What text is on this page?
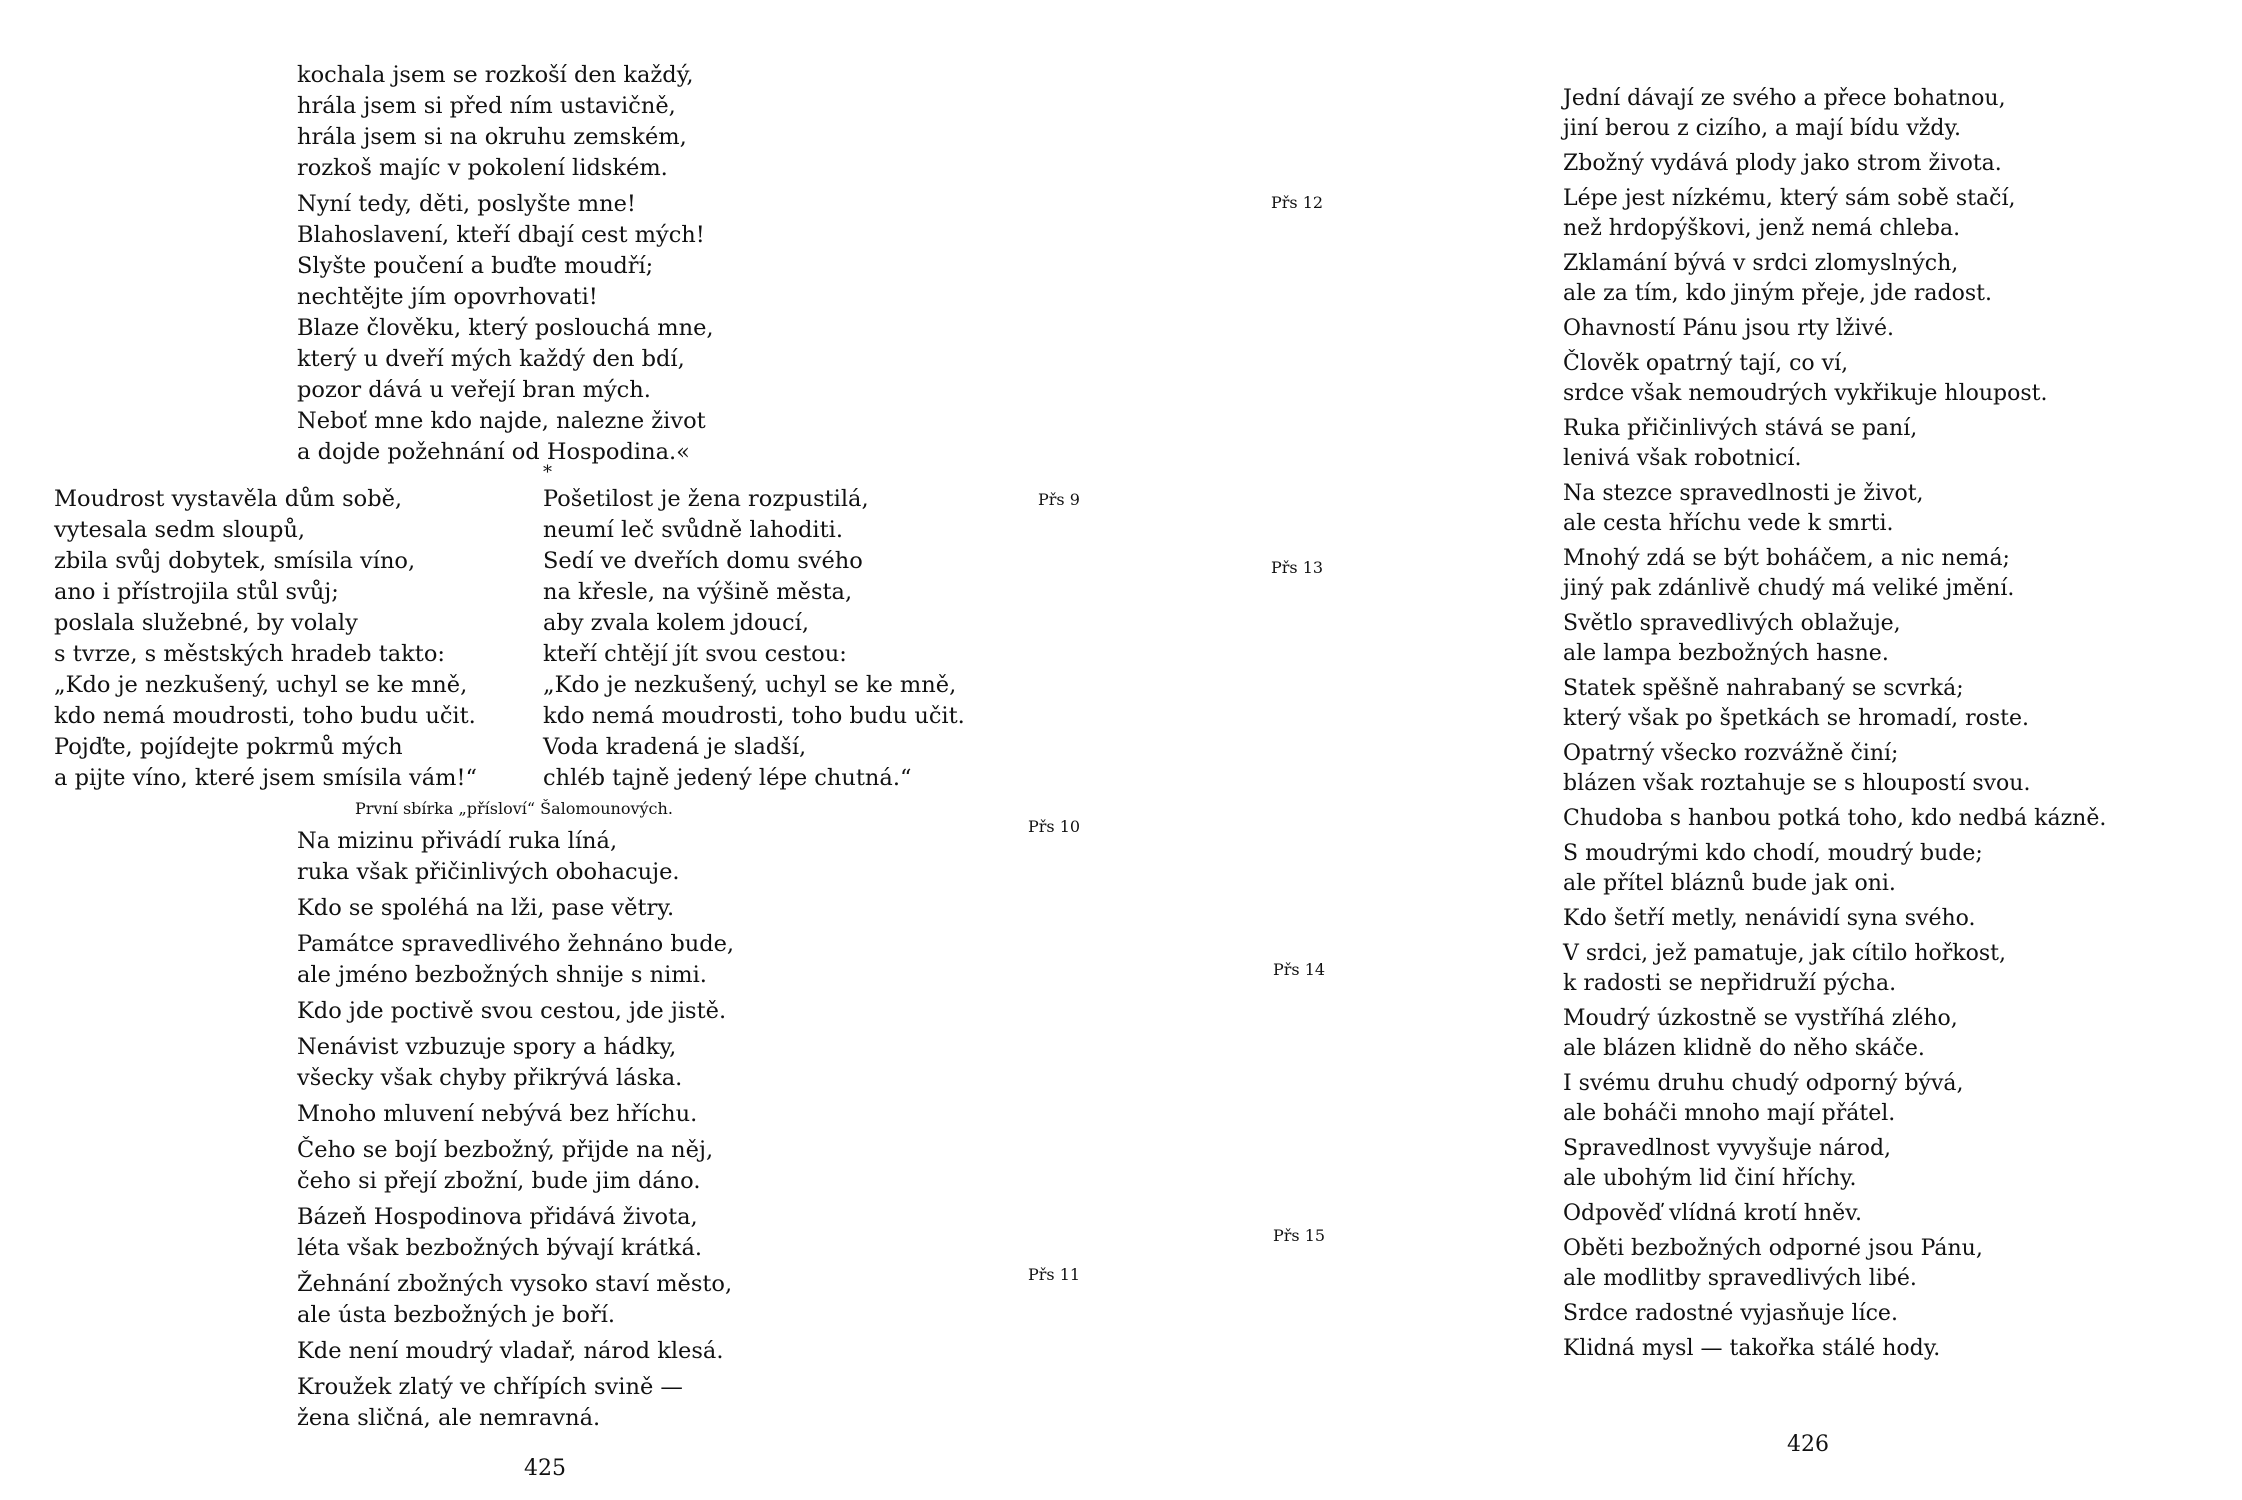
kochala jsem se rozkoší den každý,
hrála jsem si před ním ustavičně,
hrála jsem si na okruhu zemském,
rozkoš majíc v pokolení lidském.

Nyní tedy, děti, poslyšte mne!
Blahoslavení, kteří dbají cest mých!
Slyšte poučení a buďte moudří;
nechtějte jím opovrhovati!
Blaze člověku, který poslouchá mne,
který u dveří mých každý den bdí,
pozor dává u veřejí bran mých.
Neboť mne kdo najde, nalezne život
a dojde požehnání od Hospodina.«

*
Moudrost vystavěla dům sobě,
vytesala sedm sloupů,
zbila svůj dobytek, smísila víno,
ano i přístrojila stůl svůj;
poslala služebné, by volaly
s tvrze, s městských hradeb takto:
„Kdo je nezkušený, uchyl se ke mně,
kdo nemá moudrosti, toho budu učit.
Pojďte, pojídejte pokrmů mých
a pijte víno, které jsem smísila vám!“
Pošetilost je žena rozpustilá,
neumí leč svůdně lahoditi.
Sedí ve dveřích domu svého
na křesle, na výšině města,
aby zvala kolem jdoucí,
kteří chtějí jít svou cestou:
„Kdo je nezkušený, uchyl se ke mně,
kdo nemá moudrosti, toho budu učit.
Voda kradená je sladší,
chléb tajně jedený lépe chutná.“
První sbírka „přísloví“ Šalomounových.

Na mizinu přivádí ruka líná,
ruka však přičinlivých obohacuje.

Kdo se spoléhá na lži, pase větry.

Památce spravedlivého žehnáno bude,
ale jméno bezbožných shnije s nimi.

Kdo jde poctivě svou cestou, jde jistě.

Nenávist vzbuzuje spory a hádky,
všecky však chyby přikrývá láska.

Mnoho mluvení nebývá bez hříchu.

Čeho se bojí bezbožný, přijde na něj,
čeho si přejí zbožní, bude jim dáno.

Bázeň Hospodinova přidává života,
léta však bezbožných bývají krátká.

Žehnání zbožných vysoko staví město,
ale ústa bezbožných je boří.

Kde není moudrý vladař, národ klesá.

Kroužek zlatý ve chřípích svině —
žena sličná, ale nemravná.

Přs 9
Přs 10
Přs 11
425
Přs 12
Přs 13
Přs 14
Přs 15

Jední dávají ze svého a přece bohatnou,
jiní berou z cizího, a mají bídu vždy.

Zbožný vydává plody jako strom života.

Lépe jest nízkému, který sám sobě stačí,
než hrdopýškovi, jenž nemá chleba.

Zklamání bývá v srdci zlomyslných,
ale za tím, kdo jiným přeje, jde radost.

Ohavností Pánu jsou rty lživé.

Člověk opatrný tají, co ví,
srdce však nemoudrých vykřikuje hloupost.

Ruka přičinlivých stává se paní,
lenivá však robotnicí.

Na stezce spravedlnosti je život,
ale cesta hříchu vede k smrti.

Mnohý zdá se být boháčem, a nic nemá;
jiný pak zdánlivě chudý má veliké jmění.

Světlo spravedlivých oblažuje,
ale lampa bezbožných hasne.

Statek spěšně nahrabaný se scvrká;
který však po špetkách se hromadí, roste.

Opatrný všecko rozvážně činí;
blázen však roztahuje se s hloupostí svou.

Chudoba s hanbou potká toho, kdo nedbá kázně.

S moudrými kdo chodí, moudrý bude;
ale přítel bláznů bude jak oni.

Kdo šetří metly, nenávidí syna svého.

V srdci, jež pamatuje, jak cítilo hořkost,
k radosti se nepřidruží pýcha.

Moudrý úzkostně se vystříhá zlého,
ale blázen klidně do něho skáče.

I svému druhu chudý odporný bývá,
ale boháči mnoho mají přátel.

Spravedlnost vyvyšuje národ,
ale ubohým lid činí hříchy.

Odpověď vlídná krotí hněv.

Oběti bezbožných odporné jsou Pánu,
ale modlitby spravedlivých libé.

Srdce radostné vyjasňuje líce.

Klidná mysl — takořka stálé hody.

426
